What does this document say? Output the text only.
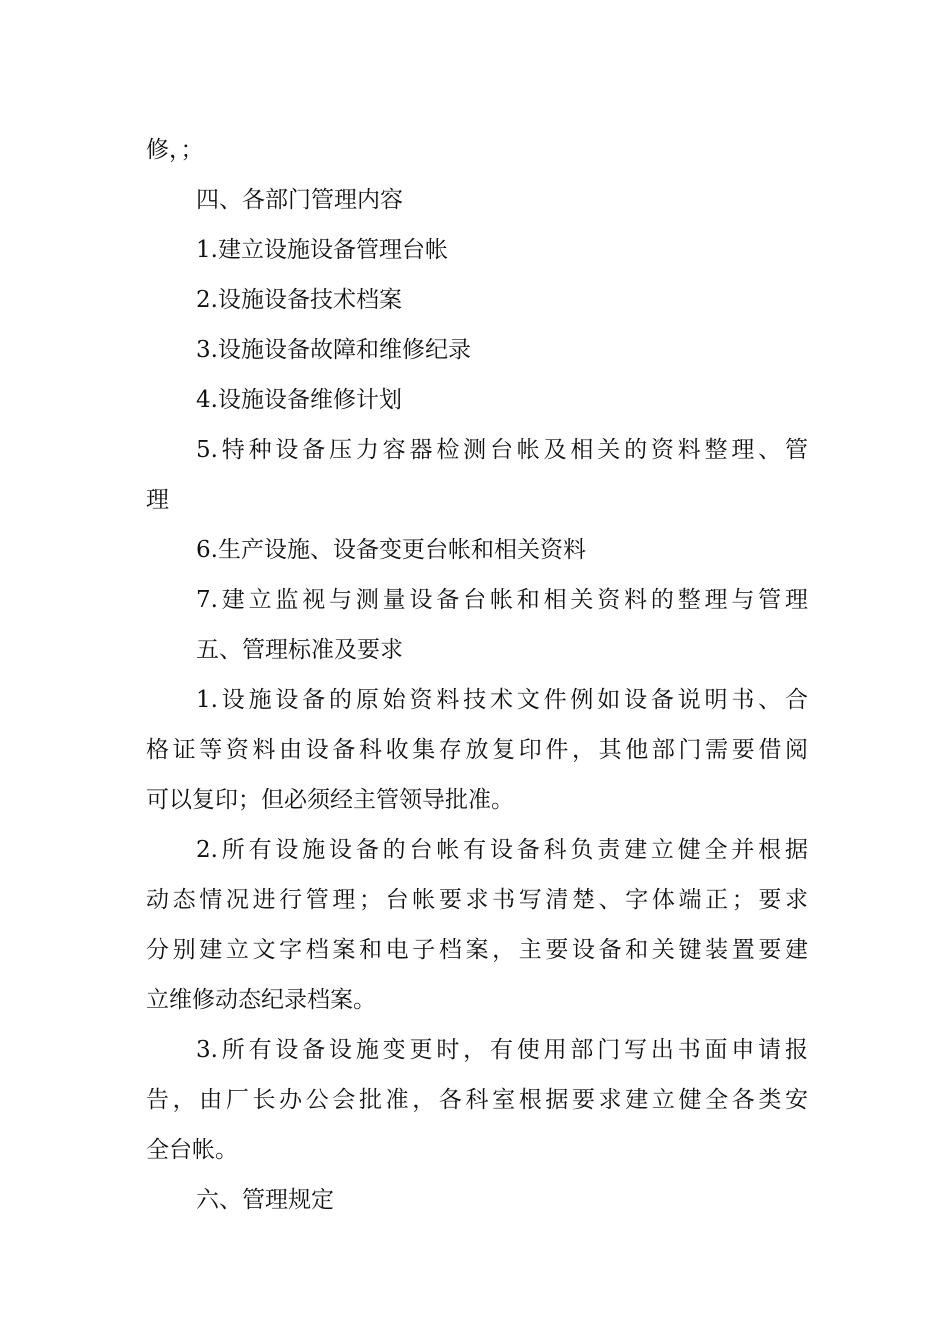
修，；
四、各部门管理内容
1.建立设施设备管理台帐
2.设施设备技术档案
3.设施设备故障和维修纪录
4.设施设备维修计划
5.特种设备压力容器检测台帐及相关的资料整理、管
理
6.生产设施、设备变更台帐和相关资料
7.建立监视与测量设备台帐和相关资料的整理与管理
五、管理标准及要求
1.设施设备的原始资料技术文件例如设备说明书、合
格证等资料由设备科收集存放复印件，其他部门需要借阅
可以复印；但必须经主管领导批准。
2.所有设施设备的台帐有设备科负责建立健全并根据
动态情况进行管理；台帐要求书写清楚、字体端正；要求
分别建立文字档案和电子档案，主要设备和关键装置要建
立维修动态纪录档案。
3.所有设备设施变更时，有使用部门写出书面申请报
告，由厂长办公会批准，各科室根据要求建立健全各类安
全台帐。
六、管理规定
